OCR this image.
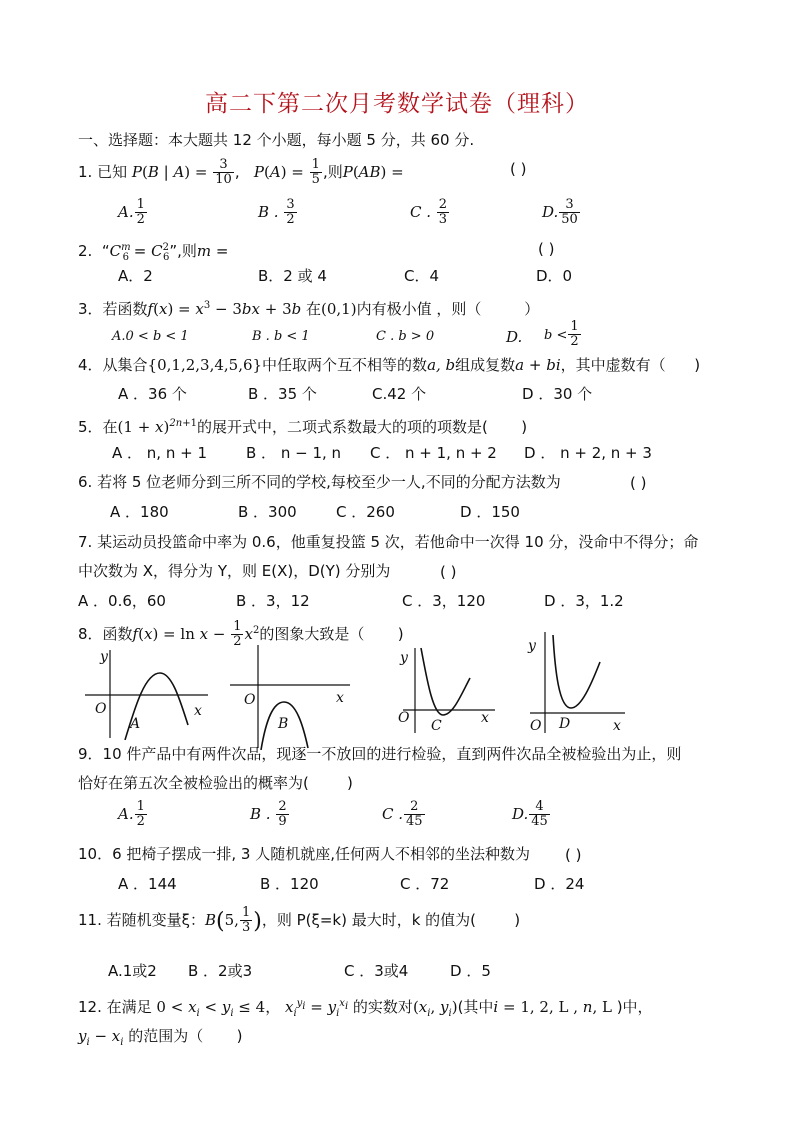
高二下第二次月考数学试卷（理科）
一、选择题：本大题共 12 个小题，每小题 5 分，共 60 分.
1. 已知 P(B | $A) = \frac{3}{10}$ ,   $P(A) = \frac{1}{5}$ ,则P(AB) =	( )
A. $\frac{1}{2}$	B . $\frac{3}{2}$	C . $\frac{2}{3}$	D. $\frac{3}{50}$
2.  “$C^m_6 = C^2_6$”,则m =	( )
A．2	B．2 或 4	C．4	D．0
3．若函数$f(x) = x^3 - 3bx + 3b$ 在(0,1)内有极小值 ，则（	）
A.0 < b < 1	B . b < 1	C . b > 0	D. $b < \frac{1}{2}$
4．从集合{0,1,2,3,4,5,6}中任取两个互不相等的数a, b组成复数a + bi，其中虚数有（ )
A ．36 个	B ．35 个	C.42 个	D ．30 个
5．在$(1 + x)^{2n+1}$的展开式中，二项式系数最大的项的项数是( )
A ． n, n + 1	B ． n − 1, n C ． n + 1, n + 2 D ． n + 2, n + 3
6. 若将 5 位老师分到三所不同的学校,每校至少一人,不同的分配方法数为	( )
A ．180	B ．300	C ．260	D ．150
7. 某运动员投篮命中率为 0.6，他重复投篮 5 次，若他命中一次得 10 分，没命中不得分；命
中次数为 X，得分为 Y，则 E(X)，D(Y) 分别为	( )
A ．0.6，60	B ．3，12	C ．3，120	D ．3，1.2
8．函数$f(x) = \ln x - \frac{1}{2} x^2$的图象大致是（ )
y
O	x
A
O	x
B
y
O	x
C
y
O	x
D
9．10 件产品中有两件次品，现逐一不放回的进行检验，直到两件次品全被检验出为止，则
恰好在第五次全被检验出的概率为(	)
A. $\frac{1}{2}$	B . $\frac{2}{9}$	C . $\frac{2}{45}$	D. $\frac{4}{45}$
10．6 把椅子摆成一排, 3 人随机就座,任何两人不相邻的坐法种数为 ( )
A ．144	B ．120	C ．72	D ．24
11. 若随机变量ξ：B(5, $\frac{1}{3}$ )，则 P(ξ=k) 最大时，k 的值为(	)
A.1或2 B ．2或3	C ．3或4	D ．5
12. 在满足 $0 < x_i < y_i \le 4$， $x_i^{y_i} = y_i^{x_i}$ 的实数对($x_i$, $y_i$)(其中i = 1, 2, L , n, L )中，
$y_i - x_i$ 的范围为（ )
